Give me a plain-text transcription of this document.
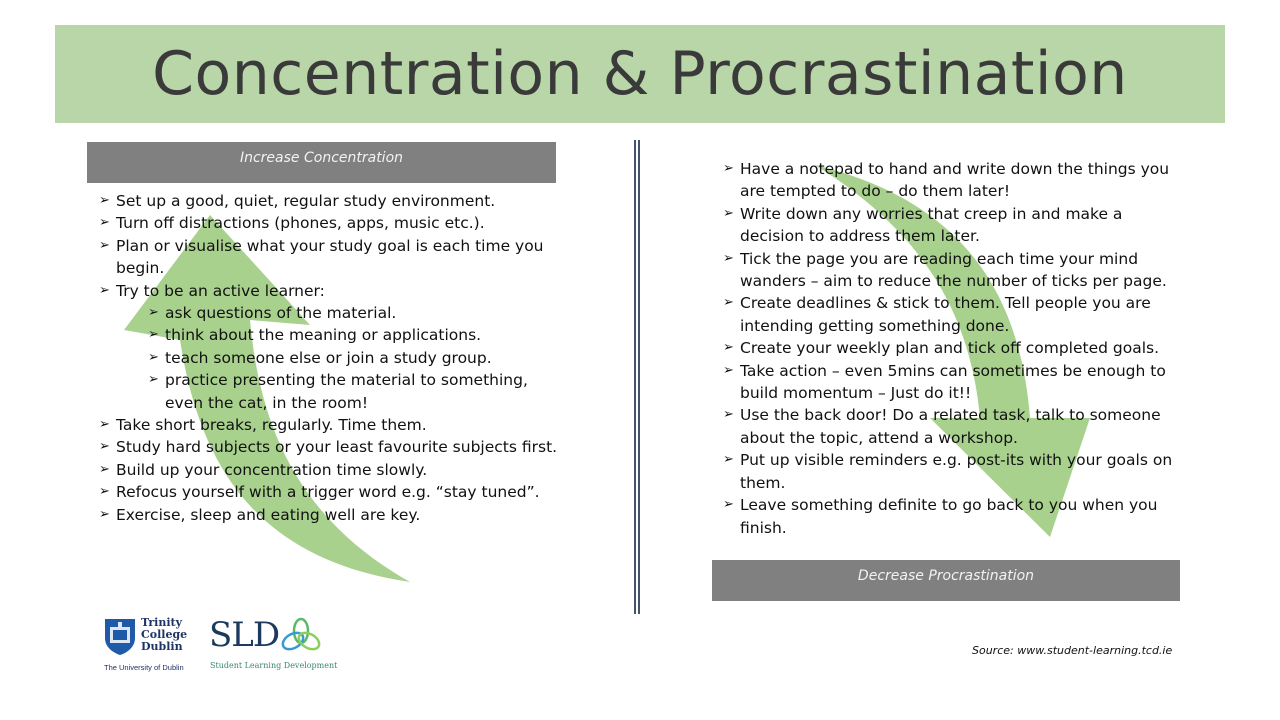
Concentration & Procrastination
Increase Concentration
➢ Set up a good, quiet, regular study environment.
➢ Turn off distractions (phones, apps, music etc.).
➢ Plan or visualise what your study goal is each time you begin.
➢ Try to be an active learner:
➢ ask questions of the material.
➢ think about the meaning or applications.
➢ teach someone else or join a study group.
➢ practice presenting the material to something, even the cat, in the room!
➢ Take short breaks, regularly. Time them.
➢ Study hard subjects or your least favourite subjects first.
➢ Build up your concentration time slowly.
➢ Refocus yourself with a trigger word e.g. “stay tuned”.
➢ Exercise, sleep and eating well are key.
➢ Have a notepad to hand and write down the things you are tempted to do – do them later!
➢ Write down any worries that creep in and make a decision to address them later.
➢ Tick the page you are reading each time your mind wanders – aim to reduce the number of ticks per page.
➢ Create deadlines & stick to them. Tell people you are intending getting something done.
➢ Create your weekly plan and tick off completed goals.
➢ Take action – even 5mins can sometimes be enough to build momentum – Just do it!!
➢ Use the back door! Do a related task, talk to someone about the topic, attend a workshop.
➢ Put up visible reminders e.g. post-its with your goals on them.
➢ Leave something definite to go back to you when you finish.
Decrease Procrastination
Trinity College Dublin
The University of Dublin
SLD
Student Learning Development
Source: www.student-learning.tcd.ie
